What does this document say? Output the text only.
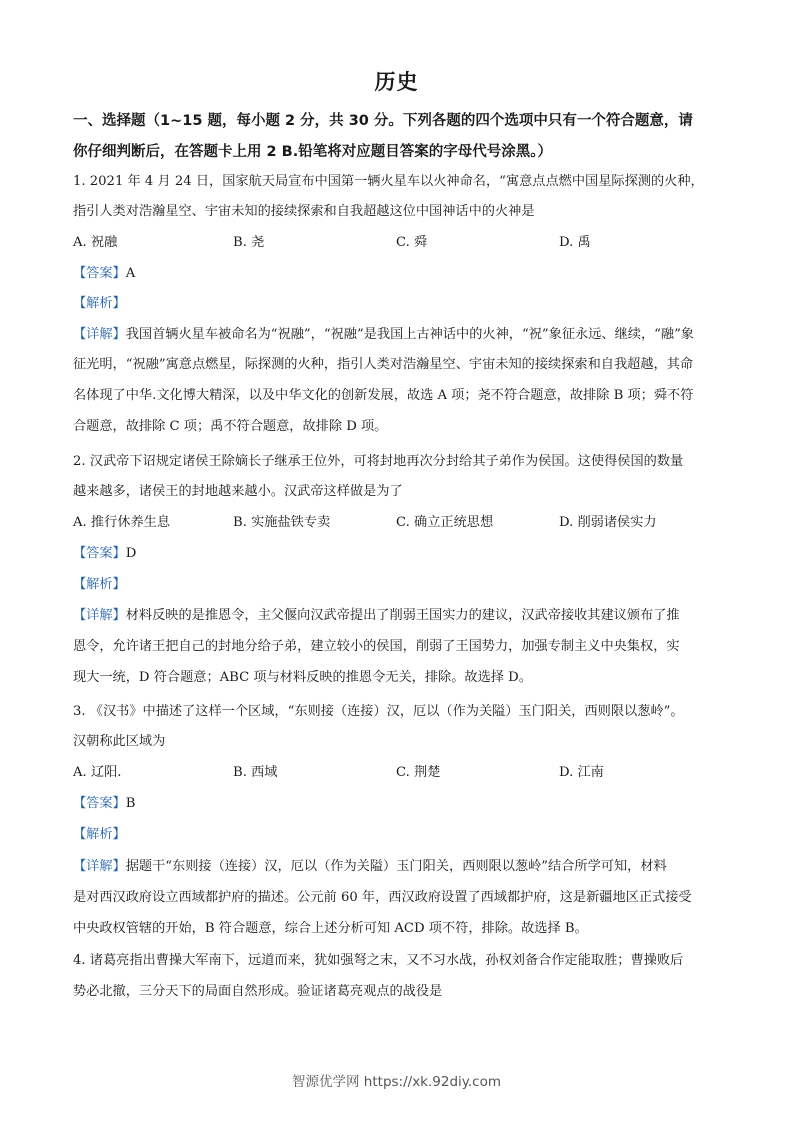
历史
一、选择题（1~15 题，每小题 2 分，共 30 分。下列各题的四个选项中只有一个符合题意，请
你仔细判断后，在答题卡上用 2 B.铅笔将对应题目答案的字母代号涂黑。）
1. 2021 年 4 月 24 日，国家航天局宣布中国第一辆火星车以火神命名，“寓意点点燃中国星际探测的火种，
指引人类对浩瀚星空、宇宙未知的接续探索和自我超越这位中国神话中的火神是
A. 祝融	B. 尧	C. 舜	D. 禹
【答案】A
【解析】
【详解】我国首辆火星车被命名为“祝融”，“祝融”是我国上古神话中的火神，“祝”象征永远、继续，“融”象
征光明，“祝融”寓意点燃星，际探测的火种，指引人类对浩瀚星空、宇宙未知的接续探索和自我超越，其命
名体现了中华.文化博大精深，以及中华文化的创新发展，故选 A 项；尧不符合题意，故排除 B 项；舜不符
合题意，故排除 C 项；禹不符合题意，故排除 D 项。
2. 汉武帝下诏规定诸侯王除嫡长子继承王位外，可将封地再次分封给其子弟作为侯国。这使得侯国的数量
越来越多，诸侯王的封地越来越小。汉武帝这样做是为了
A. 推行休养生息	B. 实施盐铁专卖	C. 确立正统思想	D. 削弱诸侯实力
【答案】D
【解析】
【详解】材料反映的是推恩令，主父偃向汉武帝提出了削弱王国实力的建议，汉武帝接收其建议颁布了推
恩令，允许诸王把自己的封地分给子弟，建立较小的侯国，削弱了王国势力，加强专制主义中央集权，实
现大一统，D 符合题意；ABC 项与材料反映的推恩令无关，排除。故选择 D。
3. 《汉书》中描述了这样一个区域，“东则接（连接）汉，厄以（作为关隘）玉门阳关，西则限以葱岭”。
汉朝称此区域为
A. 辽阳.	B. 西域	C. 荆楚	D. 江南
【答案】B
【解析】
【详解】据题干“东则接（连接）汉，厄以（作为关隘）玉门阳关，西则限以葱岭”结合所学可知，材料
是对西汉政府设立西域都护府的描述。公元前 60 年，西汉政府设置了西域都护府，这是新疆地区正式接受
中央政权管辖的开始，B 符合题意，综合上述分析可知 ACD 项不符，排除。故选择 B。
4. 诸葛亮指出曹操大军南下，远道而来，犹如强弩之末，又不习水战，孙权刘备合作定能取胜；曹操败后
势必北撤，三分天下的局面自然形成。验证诸葛亮观点的战役是
智源优学网 https://xk.92diy.com
